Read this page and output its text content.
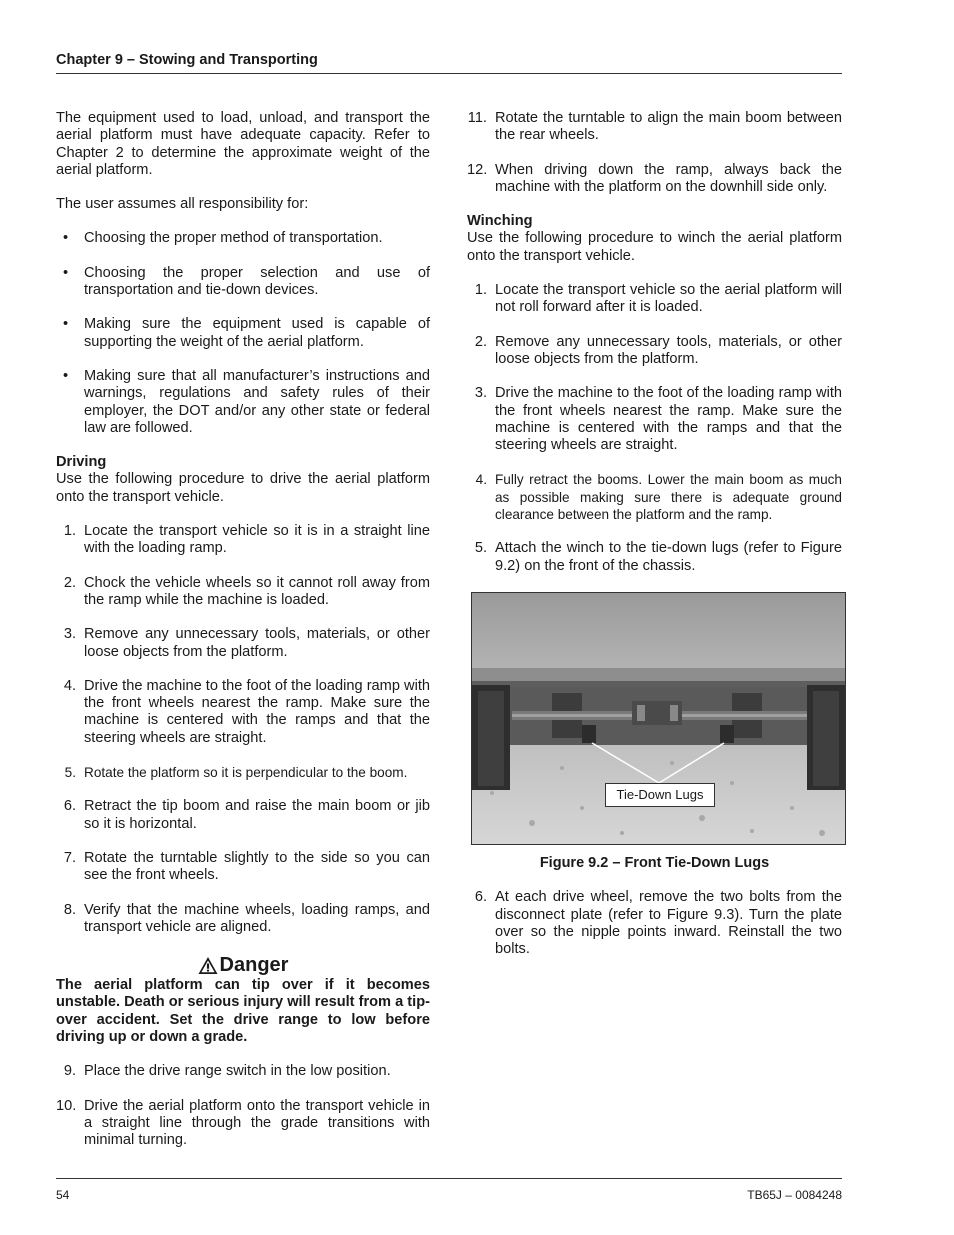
Chapter 9 – Stowing and Transporting

The equipment used to load, unload, and transport the aerial platform must have adequate capacity. Refer to Chapter 2 to determine the approximate weight of the aerial platform.

The user assumes all responsibility for:

• Choosing the proper method of transportation.
• Choosing the proper selection and use of transportation and tie-down devices.
• Making sure the equipment used is capable of supporting the weight of the aerial platform.
• Making sure that all manufacturer’s instructions and warnings, regulations and safety rules of their employer, the DOT and/or any other state or federal law are followed.
Driving

Use the following procedure to drive the aerial platform onto the transport vehicle.

1. Locate the transport vehicle so it is in a straight line with the loading ramp.
2. Chock the vehicle wheels so it cannot roll away from the ramp while the machine is loaded.
3. Remove any unnecessary tools, materials, or other loose objects from the platform.
4. Drive the machine to the foot of the loading ramp with the front wheels nearest the ramp. Make sure the machine is centered with the ramps and that the steering wheels are straight.
5. Rotate the platform so it is perpendicular to the boom.
6. Retract the tip boom and raise the main boom or jib so it is horizontal.
7. Rotate the turntable slightly to the side so you can see the front wheels.
8. Verify that the machine wheels, loading ramps, and transport vehicle are aligned.
Danger
The aerial platform can tip over if it becomes unstable. Death or serious injury will result from a tip-over accident. Set the drive range to low before driving up or down a grade.
9. Place the drive range switch in the low position.
10. Drive the aerial platform onto the transport vehicle in a straight line through the grade transitions with minimal turning.
11. Rotate the turntable to align the main boom between the rear wheels.
12. When driving down the ramp, always back the machine with the platform on the downhill side only.
Winching

Use the following procedure to winch the aerial platform onto the transport vehicle.

1. Locate the transport vehicle so the aerial platform will not roll forward after it is loaded.
2. Remove any unnecessary tools, materials, or other loose objects from the platform.
3. Drive the machine to the foot of the loading ramp with the front wheels nearest the ramp. Make sure the machine is centered with the ramps and that the steering wheels are straight.
4. Fully retract the booms. Lower the main boom as much as possible making sure there is adequate ground clearance between the platform and the ramp.
5. Attach the winch to the tie-down lugs (refer to Figure 9.2) on the front of the chassis.
Tie-Down Lugs
Figure 9.2 – Front Tie-Down Lugs
6. At each drive wheel, remove the two bolts from the disconnect plate (refer to Figure 9.3). Turn the plate over so the nipple points inward. Reinstall the two bolts.
54	TB65J – 0084248
